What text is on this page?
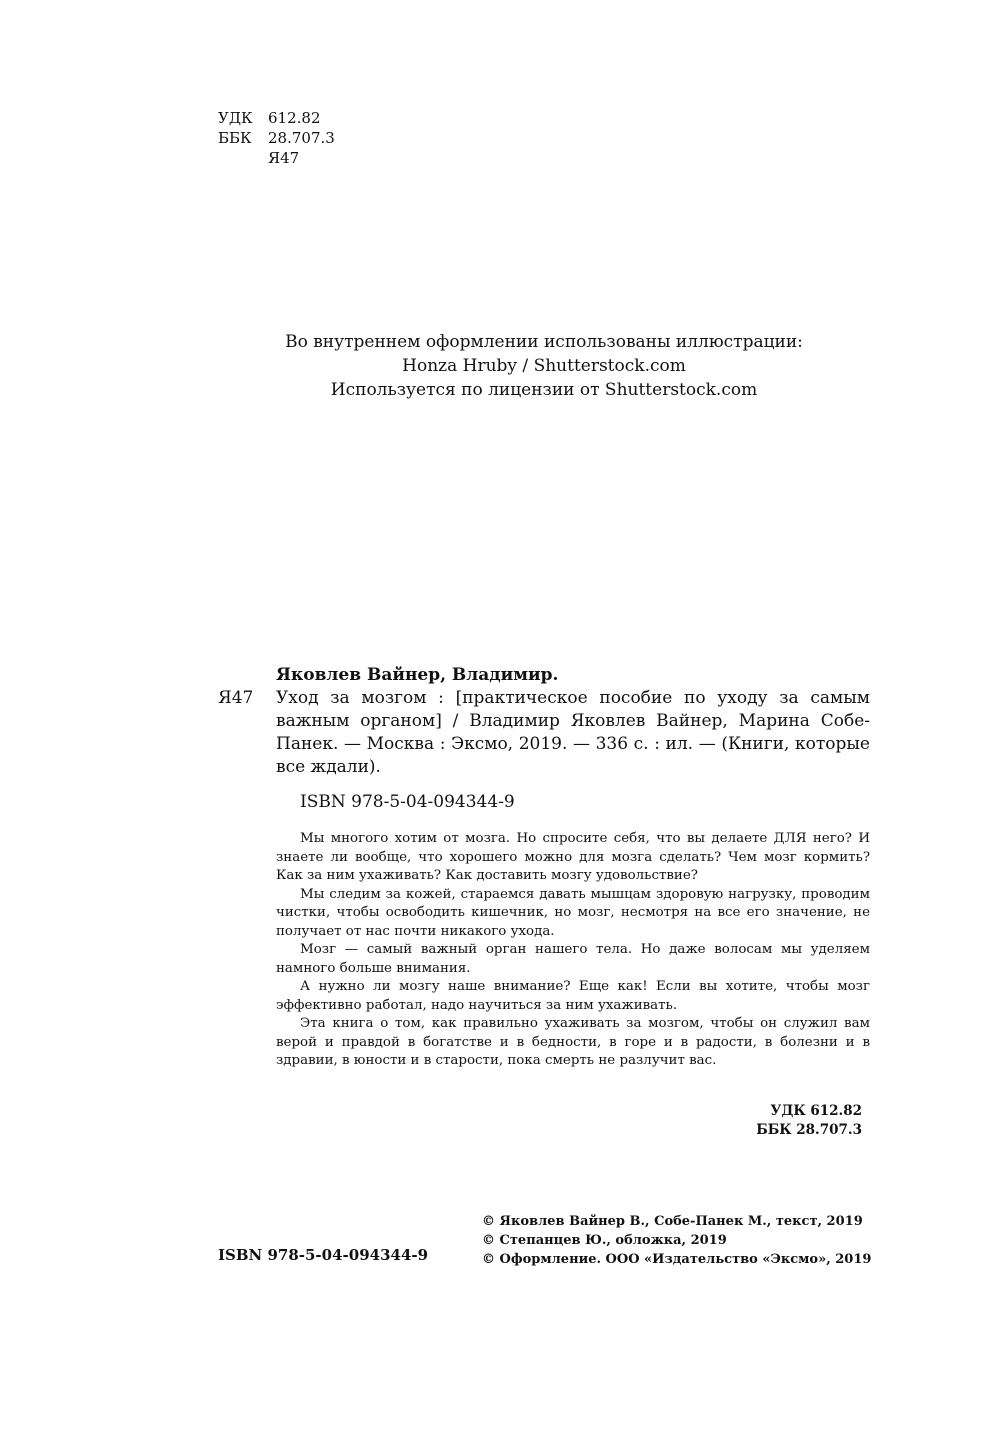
УДК 612.82
ББК 28.707.3
Я47
Во внутреннем оформлении использованы иллюстрации:
Honza Hruby / Shutterstock.com
Используется по лицензии от Shutterstock.com
Яковлев Вайнер, Владимир.
Я47 Уход за мозгом : [практическое пособие по уходу за самым важным органом] / Владимир Яковлев Вайнер, Марина Собе-Панек. — Москва : Эксмо, 2019. — 336 с. : ил. — (Книги, которые все ждали).
ISBN 978-5-04-094344-9

Мы многого хотим от мозга. Но спросите себя, что вы делаете ДЛЯ него? И знаете ли вообще, что хорошего можно для мозга сделать? Чем мозг кормить? Как за ним ухаживать? Как доставить мозгу удовольствие?

Мы следим за кожей, стараемся давать мышцам здоровую нагрузку, проводим чистки, чтобы освободить кишечник, но мозг, несмотря на все его значение, не получает от нас почти никакого ухода.

Мозг — самый важный орган нашего тела. Но даже волосам мы уделяем намного больше внимания.

А нужно ли мозгу наше внимание? Еще как! Если вы хотите, чтобы мозг эффективно работал, надо научиться за ним ухаживать.

Эта книга о том, как правильно ухаживать за мозгом, чтобы он служил вам верой и правдой в богатстве и в бедности, в горе и в радости, в болезни и в здравии, в юности и в старости, пока смерть не разлучит вас.

УДК 612.82
ББК 28.707.3
ISBN 978-5-04-094344-9
© Яковлев Вайнер В., Собе-Панек М., текст, 2019
© Степанцев Ю., обложка, 2019
© Оформление. ООО «Издательство «Эксмо», 2019
